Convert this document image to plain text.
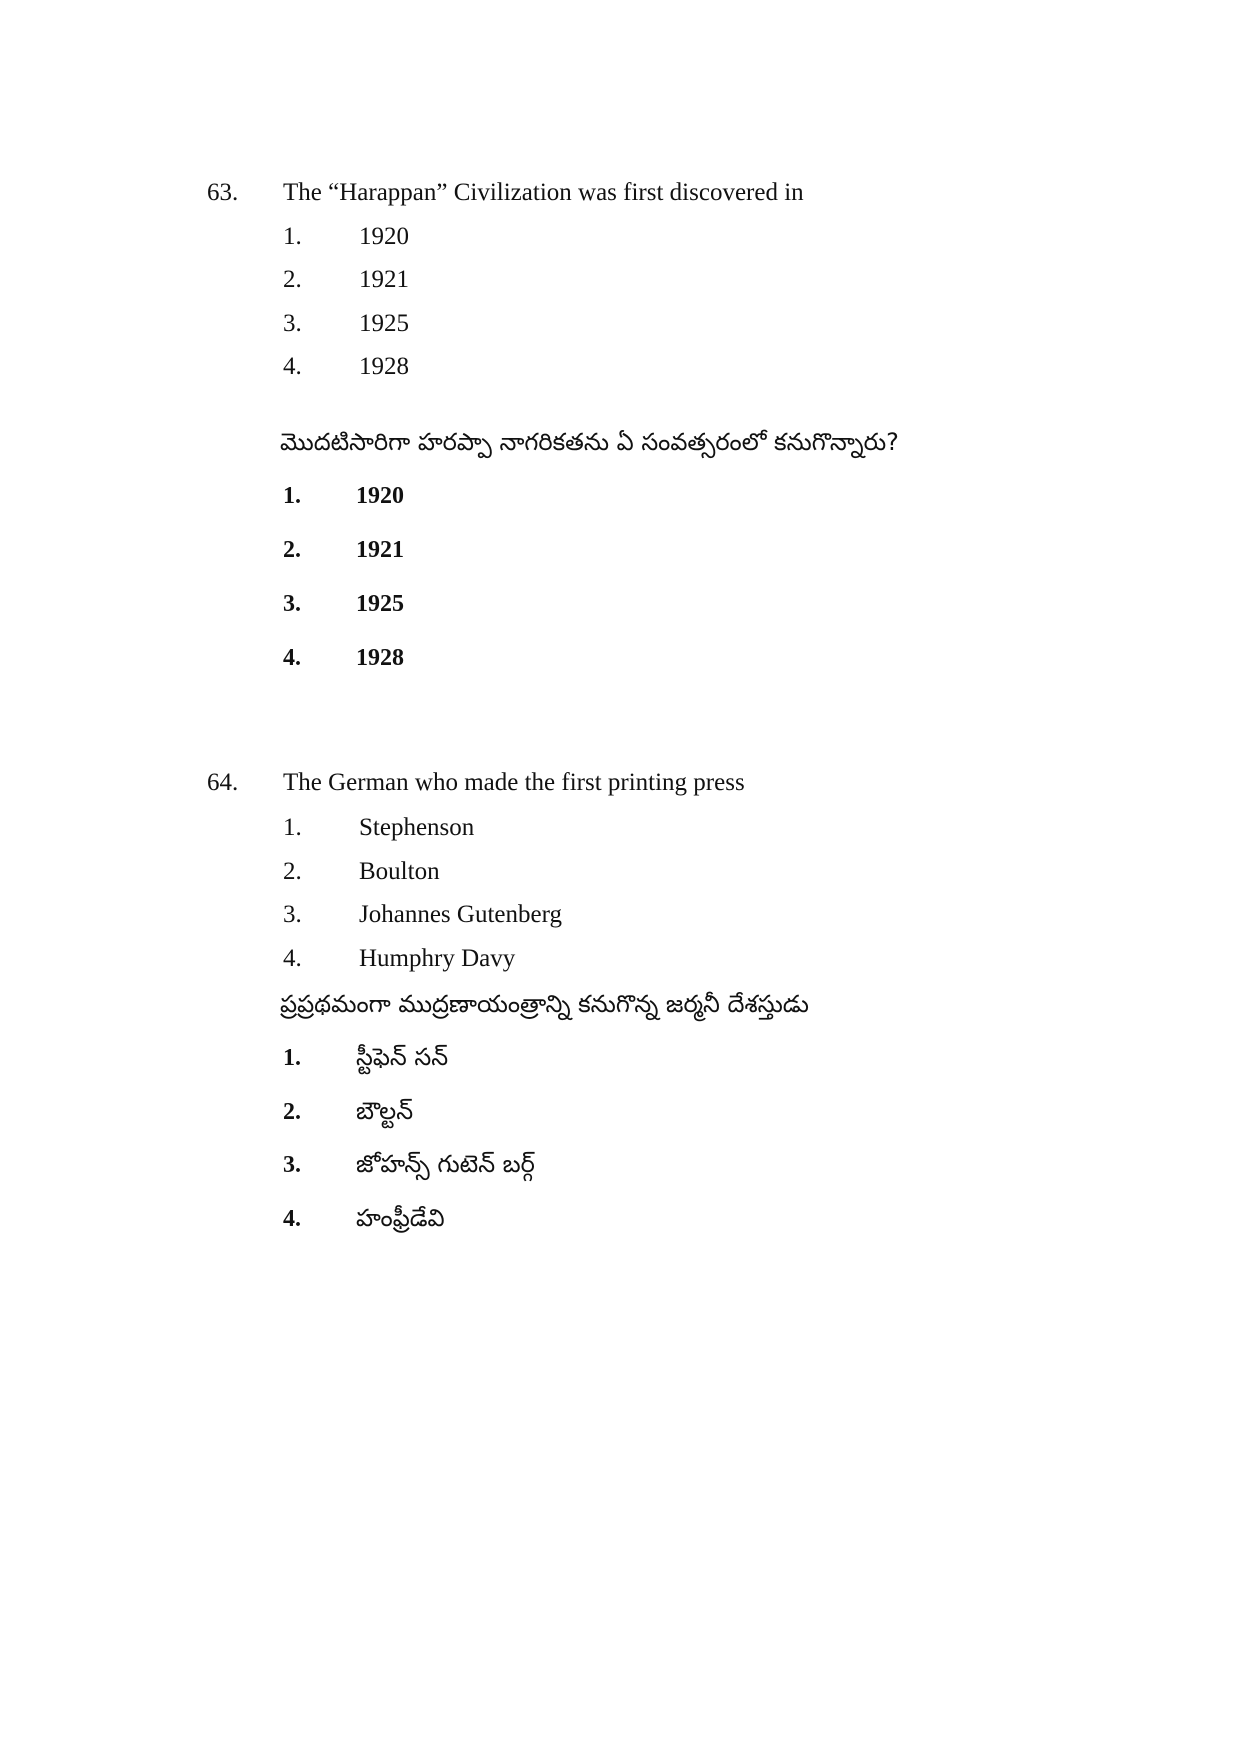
63. The “Harappan” Civilization was first discovered in
1. 1920
2. 1921
3. 1925
4. 1928
మొదటిసారిగా హరప్పా నాగరికతను ఏ సంవత్సరంలో కనుగొన్నారు?
1. 1920
2. 1921
3. 1925
4. 1928
64. The German who made the first printing press
1. Stephenson
2. Boulton
3. Johannes Gutenberg
4. Humphry Davy
ప్రప్రథమంగా ముద్రణాయంత్రాన్ని కనుగొన్న జర్మనీ దేశస్తుడు
1. స్టీఫెన్ సన్
2. బౌల్టన్
3. జోహన్స్ గుటెన్ బర్గ్
4. హంఫ్రీడేవి
